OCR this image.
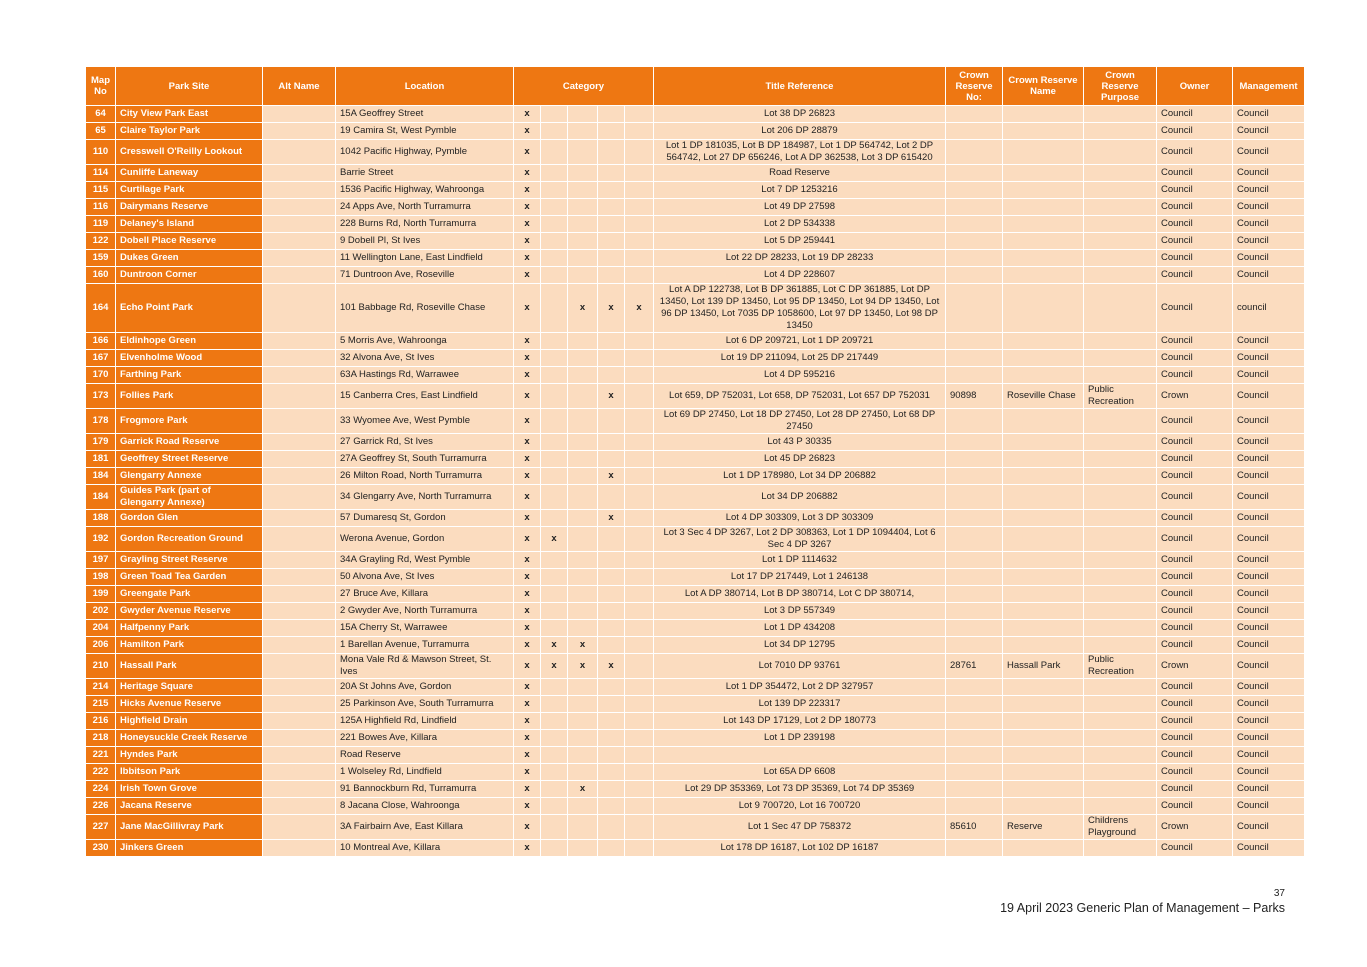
Map No	Park Site	Alt Name	Location	Category					Title Reference	Crown Reserve No:	Crown Reserve Name	Crown Reserve Purpose	Owner	Management
64	City View Park East		15A Geoffrey Street	x					Lot 38 DP 26823				Council	Council
65	Claire Taylor Park		19 Camira St, West Pymble	x					Lot 206 DP 28879				Council	Council
110	Cresswell O'Reilly Lookout		1042 Pacific Highway, Pymble	x					Lot 1 DP 181035, Lot B DP 184987, Lot 1 DP 564742, Lot 2 DP 564742, Lot 27 DP 656246, Lot A DP 362538, Lot 3 DP 615420				Council	Council
114	Cunliffe Laneway		Barrie Street	x					Road Reserve				Council	Council
115	Curtilage Park		1536 Pacific Highway, Wahroonga	x					Lot 7 DP 1253216				Council	Council
116	Dairymans Reserve		24 Apps Ave, North Turramurra	x					Lot 49 DP 27598				Council	Council
119	Delaney's Island		228 Burns Rd, North Turramurra	x					Lot 2 DP 534338				Council	Council
122	Dobell Place Reserve		9 Dobell Pl, St Ives	x					Lot 5 DP 259441				Council	Council
159	Dukes Green		11 Wellington Lane, East Lindfield	x					Lot 22 DP 28233, Lot 19 DP 28233				Council	Council
160	Duntroon Corner		71 Duntroon Ave, Roseville	x					Lot 4 DP 228607				Council	Council
164	Echo Point Park		101 Babbage Rd, Roseville Chase	x		x	x	x	Lot A DP 122738, Lot B DP 361885, Lot C DP 361885, Lot DP 13450, Lot 139 DP 13450, Lot 95 DP 13450, Lot 94 DP 13450, Lot 96 DP 13450, Lot 7035 DP 1058600, Lot 97 DP 13450, Lot 98 DP 13450				Council	council
166	Eldinhope Green		5 Morris Ave, Wahroonga	x					Lot 6 DP 209721, Lot 1 DP 209721				Council	Council
167	Elvenholme Wood		32 Alvona Ave, St Ives	x					Lot 19 DP 211094, Lot 25 DP 217449				Council	Council
170	Farthing Park		63A Hastings Rd, Warrawee	x					Lot 4 DP 595216				Council	Council
173	Follies Park		15 Canberra Cres, East Lindfield	x			x		Lot 659, DP 752031, Lot 658, DP 752031, Lot 657 DP 752031	90898	Roseville Chase	Public Recreation	Crown	Council
178	Frogmore Park		33 Wyomee Ave, West Pymble	x					Lot 69 DP 27450, Lot 18 DP 27450, Lot 28 DP 27450, Lot 68 DP 27450				Council	Council
179	Garrick Road Reserve		27 Garrick Rd, St Ives	x					Lot 43 P 30335				Council	Council
181	Geoffrey Street Reserve		27A Geoffrey St, South Turramurra	x					Lot 45 DP 26823				Council	Council
184	Glengarry Annexe		26 Milton Road, North Turramurra	x			x		Lot 1 DP 178980, Lot 34 DP 206882				Council	Council
184	Guides Park (part of Glengarry Annexe)		34 Glengarry Ave, North Turramurra	x					Lot 34 DP 206882				Council	Council
188	Gordon Glen		57 Dumaresq St, Gordon	x			x		Lot 4 DP 303309, Lot 3 DP 303309				Council	Council
192	Gordon Recreation Ground		Werona Avenue, Gordon	x	x				Lot 3 Sec 4 DP 3267, Lot 2 DP 308363, Lot 1 DP 1094404, Lot 6 Sec 4 DP 3267				Council	Council
197	Grayling Street Reserve		34A Grayling Rd, West Pymble	x					Lot 1 DP 1114632				Council	Council
198	Green Toad Tea Garden		50 Alvona Ave, St Ives	x					Lot 17 DP 217449, Lot 1 246138				Council	Council
199	Greengate Park		27 Bruce Ave, Killara	x					Lot A DP 380714, Lot B DP 380714, Lot C DP 380714,				Council	Council
202	Gwyder Avenue Reserve		2 Gwyder Ave, North Turramurra	x					Lot 3 DP 557349				Council	Council
204	Halfpenny Park		15A Cherry St, Warrawee	x					Lot 1 DP 434208				Council	Council
206	Hamilton Park		1 Barellan Avenue, Turramurra	x	x	x			Lot 34 DP 12795				Council	Council
210	Hassall Park		Mona Vale Rd & Mawson Street, St. Ives	x	x	x	x		Lot 7010 DP 93761	28761	Hassall Park	Public Recreation	Crown	Council
214	Heritage Square		20A St Johns Ave, Gordon	x					Lot 1 DP 354472, Lot 2 DP 327957				Council	Council
215	Hicks Avenue Reserve		25 Parkinson Ave, South Turramurra	x					Lot 139 DP 223317				Council	Council
216	Highfield Drain		125A Highfield Rd, Lindfield	x					Lot 143 DP 17129, Lot 2 DP 180773				Council	Council
218	Honeysuckle Creek Reserve		221 Bowes Ave, Killara	x					Lot 1 DP 239198				Council	Council
221	Hyndes Park		Road Reserve	x									Council	Council
222	Ibbitson Park		1 Wolseley Rd, Lindfield	x					Lot 65A DP 6608				Council	Council
224	Irish Town Grove		91 Bannockburn Rd, Turramurra	x		x			Lot 29 DP 353369, Lot 73 DP 35369, Lot 74 DP 35369				Council	Council
226	Jacana Reserve		8 Jacana Close, Wahroonga	x					Lot 9 700720, Lot 16 700720				Council	Council
227	Jane MacGillivray Park		3A Fairbairn Ave, East Killara	x					Lot 1 Sec 47 DP 758372	85610	Reserve	Childrens Playground	Crown	Council
230	Jinkers Green		10 Montreal Ave, Killara	x					Lot 178 DP 16187, Lot 102 DP 16187				Council	Council
37
19 April 2023 Generic Plan of Management – Parks
